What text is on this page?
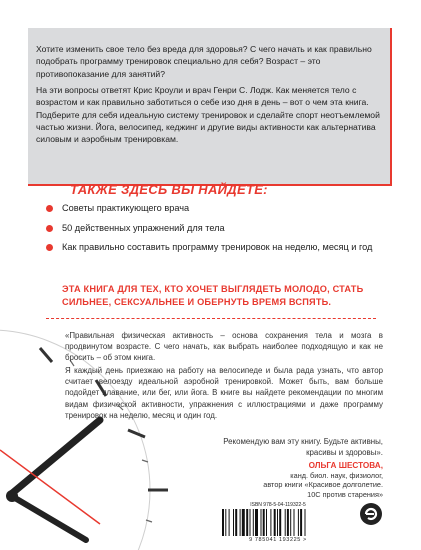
Хотите изменить свое тело без вреда для здоровья? С чего начать и как правильно подобрать программу тренировок специально для себя? Возраст – это противопоказание для занятий?

На эти вопросы ответят Крис Кроули и врач Генри С. Лодж. Как меняется тело с возрастом и как правильно заботиться о себе изо дня в день – вот о чем эта книга. Подберите для себя идеальную систему тренировок и сделайте спорт неотъемлемой частью жизни. Йога, велосипед, кеджинг и другие виды активности как альтернатива силовым и аэробным тренировкам.

ТАКЖЕ ЗДЕСЬ ВЫ НАЙДЕТЕ:
Советы практикующего врача
50 действенных упражнений для тела
Как правильно составить программу тренировок на неделю, месяц и год
ЭТА КНИГА ДЛЯ ТЕХ, КТО ХОЧЕТ ВЫГЛЯДЕТЬ МОЛОДО, СТАТЬ СИЛЬНЕЕ, СЕКСУАЛЬНЕЕ И ОБЕРНУТЬ ВРЕМЯ ВСПЯТЬ.

«Правильная физическая активность – основа сохранения тела и мозга в продвинутом возрасте. С чего начать, как выбрать наиболее подходящую и как не бросить – об этом книга.

Я каждый день приезжаю на работу на велосипеде и была рада узнать, что автор считает велоезду идеальной аэробной тренировкой. Может быть, вам больше подойдет плавание, или бег, или йога. В книге вы найдете рекомендации по многим видам физической активности, упражнения с иллюстрациями и даже программу тренировок на неделю, месяц и один год.

Рекомендую вам эту книгу. Будьте активны, красивы и здоровы».

ОЛЬГА ШЕСТОВА,
канд. биол. наук, физиолог,
автор книги «Красивое долголетие.
10С против старения»
ISBN 978-5-04-119322-5
9 785041 193225 >
